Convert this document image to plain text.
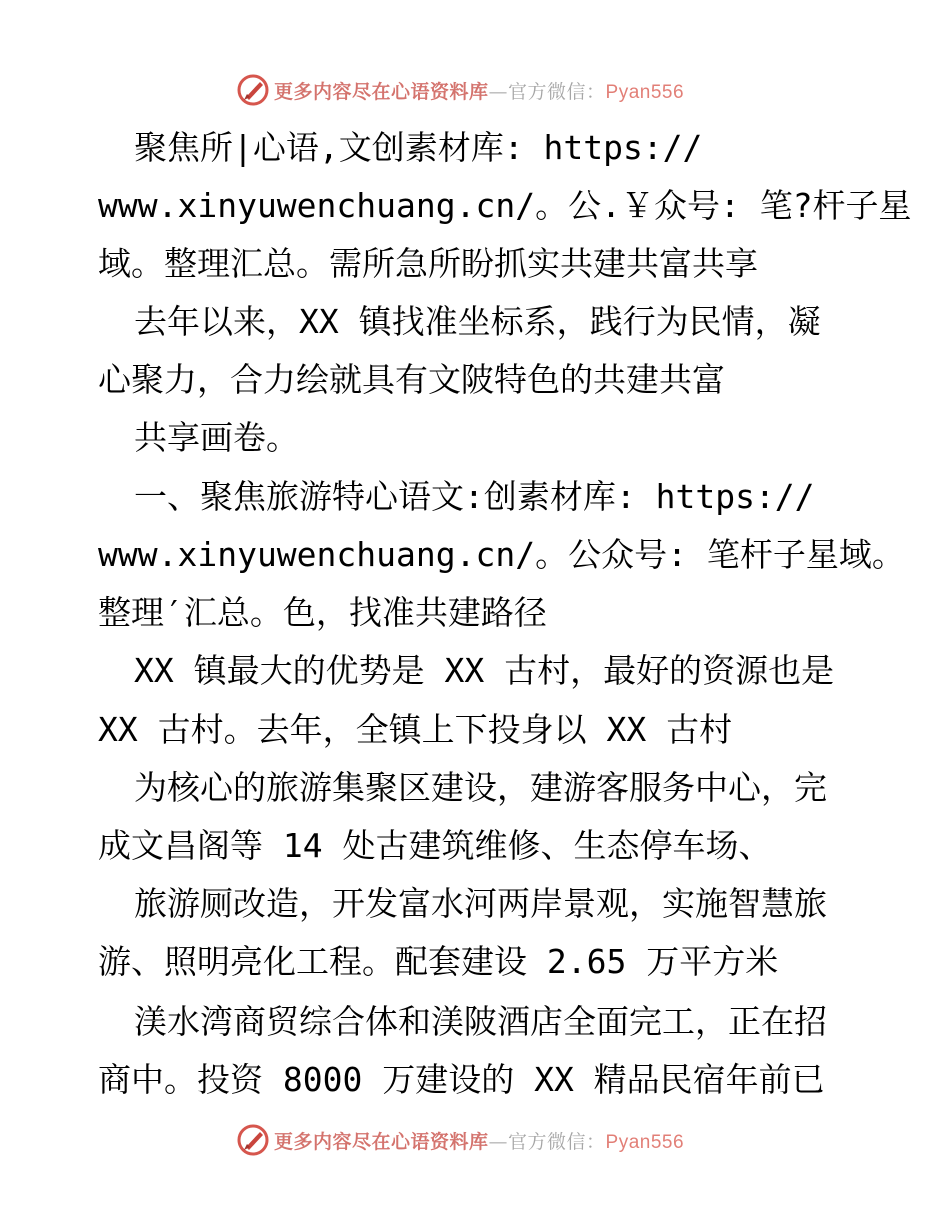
更多内容尽在心语资料库—官方微信：Pyan556
聚焦所|心语,文创素材库: https://
www.xinyuwenchuang.cn/。公.￥众号: 笔?杆子星
域。整理汇总。需所急所盼抓实共建共富共享
去年以来，XX 镇找准坐标系，践行为民情，凝
心聚力，合力绘就具有文陂特色的共建共富
共享画卷。
一、聚焦旅游特心语文:创素材库: https://
www.xinyuwenchuang.cn/。公众号: 笔杆子星域。
整理′汇总。色，找准共建路径
XX 镇最大的优势是 XX 古村，最好的资源也是
XX 古村。去年，全镇上下投身以 XX 古村
为核心的旅游集聚区建设，建游客服务中心，完
成文昌阁等 14 处古建筑维修、生态停车场、
旅游厕改造，开发富水河两岸景观，实施智慧旅
游、照明亮化工程。配套建设 2.65 万平方米
渼水湾商贸综合体和渼陂酒店全面完工，正在招
商中。投资 8000 万建设的 XX 精品民宿年前已
更多内容尽在心语资料库—官方微信：Pyan556
